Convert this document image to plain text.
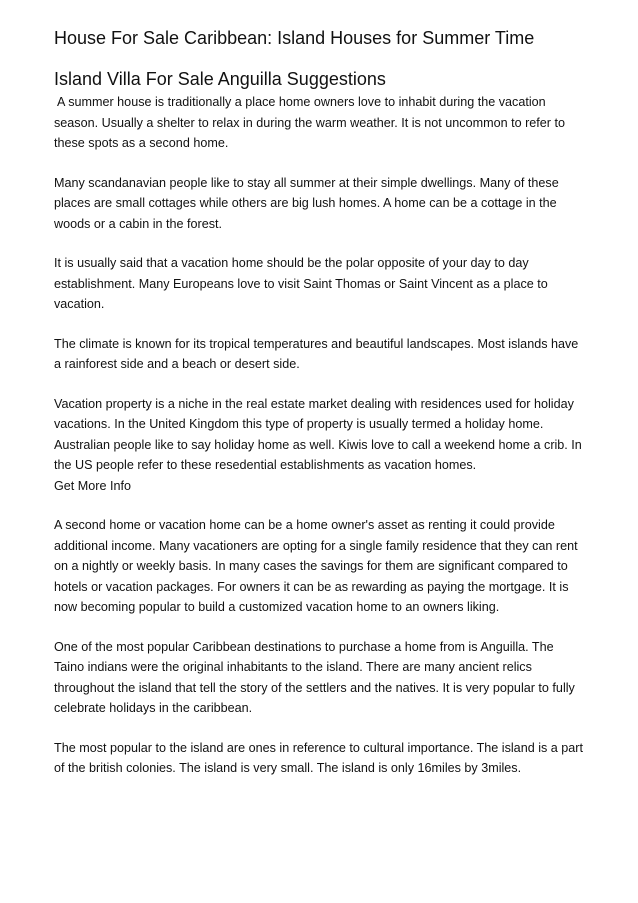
House For Sale Caribbean: Island Houses for Summer Time
Island Villa For Sale Anguilla Suggestions

A summer house is traditionally a place home owners love to inhabit during the vacation season. Usually a shelter to relax in during the warm weather. It is not uncommon to refer to these spots as a second home.

Many scandanavian people like to stay all summer at their simple dwellings. Many of these places are small cottages while others are big lush homes. A home can be a cottage in the woods or a cabin in the forest.

It is usually said that a vacation home should be the polar opposite of your day to day establishment. Many Europeans love to visit Saint Thomas or Saint Vincent as a place to vacation.

The climate is known for its tropical temperatures and beautiful landscapes. Most islands have a rainforest side and a beach or desert side.

Vacation property is a niche in the real estate market dealing with residences used for holiday vacations. In the United Kingdom this type of property is usually termed a holiday home. Australian people like to say holiday home as well. Kiwis love to call a weekend home a crib. In the US people refer to these resedential establishments as vacation homes.

Get More Info

A second home or vacation home can be a home owner's asset as renting it could provide additional income. Many vacationers are opting for a single family residence that they can rent on a nightly or weekly basis. In many cases the savings for them are significant compared to hotels or vacation packages. For owners it can be as rewarding as paying the mortgage. It is now becoming popular to build a customized vacation home to an owners liking.

One of the most popular Caribbean destinations to purchase a home from is Anguilla. The Taino indians were the original inhabitants to the island. There are many ancient relics throughout the island that tell the story of the settlers and the natives. It is very popular to fully celebrate holidays in the caribbean.

The most popular to the island are ones in reference to cultural importance. The island is a part of the british colonies. The island is very small. The island is only 16miles by 3miles.
